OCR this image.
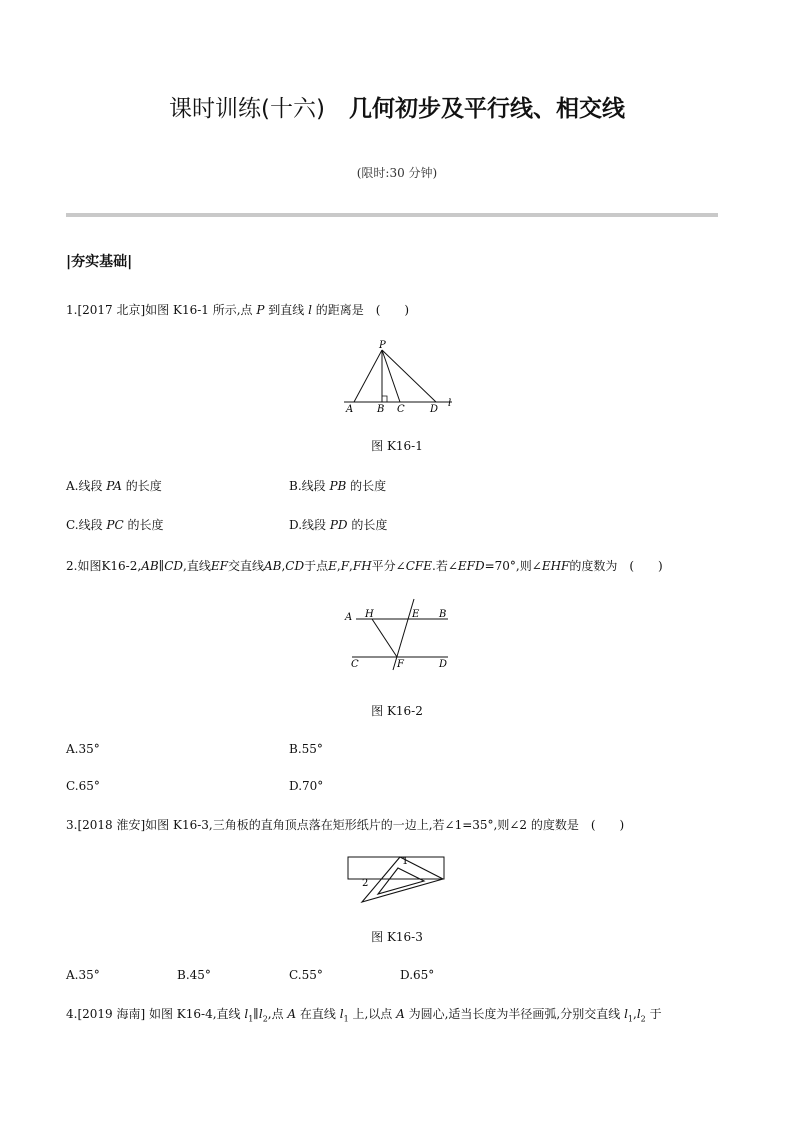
课时训练(十六) 几何初步及平行线、相交线
(限时:30 分钟)
|夯实基础|
1.[2017 北京]如图 K16-1 所示,点 P 到直线 l 的距离是　(　　)
P
A B C	D
l
图 K16-1
A.线段 PA 的长度	B.线段 PB 的长度
C.线段 PC 的长度	D.线段 PD 的长度
2.如图K16-2,AB∥CD,直线EF交直线AB,CD于点E,F,FH平分∠CFE.若∠EFD=70°,则∠EHF的度数为　(　　)
A H	E B
C	F	D
图 K16-2
A.35°	B.55°
C.65°	D.70°
3.[2018 淮安]如图 K16-3,三角板的直角顶点落在矩形纸片的一边上,若∠1=35°,则∠2 的度数是　(　　)
1
2
图 K16-3
A.35°	B.45°	C.55°	D.65°
4.[2019 海南] 如图 K16-4,直线 $l_1\parallel l_2$,点 A 在直线 $l_1$ 上,以点 A 为圆心,适当长度为半径画弧,分别交直线 $l_1,l_2$ 于
